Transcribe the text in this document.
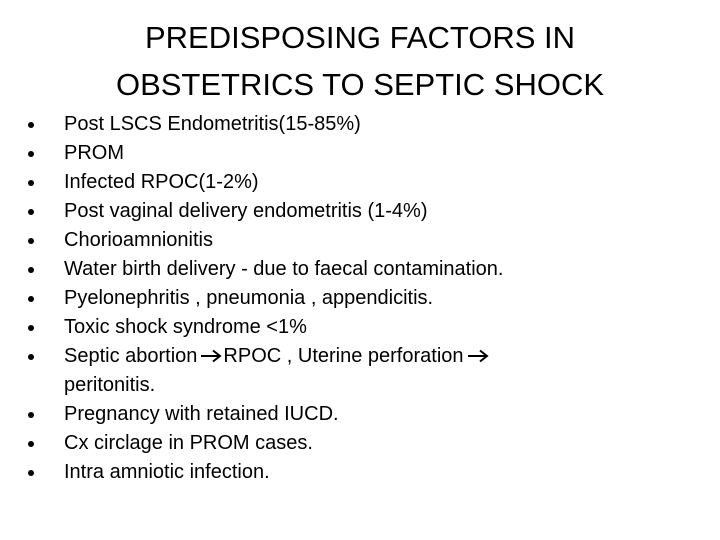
PREDISPOSING FACTORS IN
OBSTETRICS TO SEPTIC SHOCK
Post LSCS Endometritis(15-85%)
PROM
Infected RPOC(1-2%)
Post vaginal delivery endometritis (1-4%)
Chorioamnionitis
Water birth delivery - due to faecal contamination.
Pyelonephritis , pneumonia , appendicitis.
Toxic shock syndrome <1%
Septic abortion RPOC , Uterine perforation
peritonitis.
Pregnancy with retained IUCD.
Cx circlage in PROM cases.
Intra amniotic infection.
